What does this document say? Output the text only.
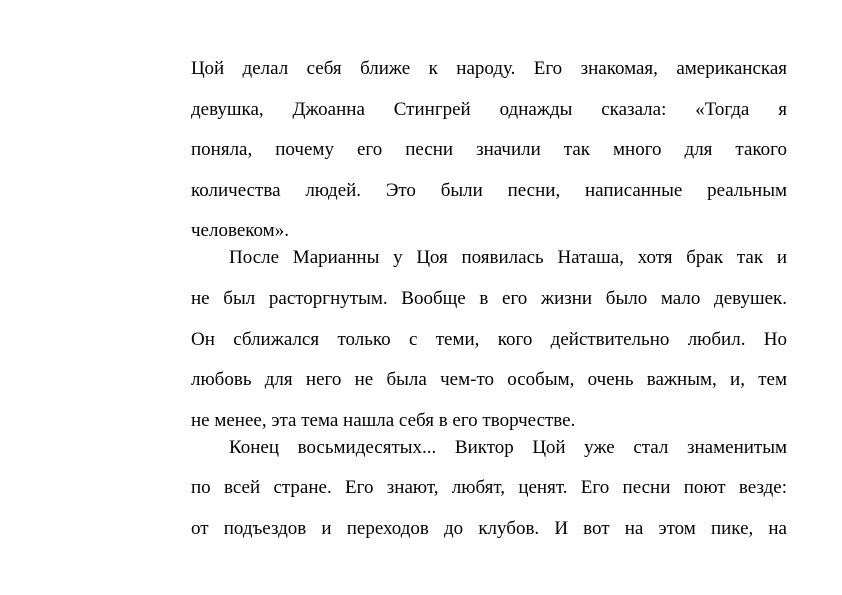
Цой делал себя ближе к народу. Его знакомая, американская
девушка, Джоанна Стингрей однажды сказала: «Тогда я
поняла, почему его песни значили так много для такого
количества людей. Это были песни, написанные реальным
человеком».
После Марианны у Цоя появилась Наташа, хотя брак так и
не был расторгнутым. Вообще в его жизни было мало девушек.
Он сближался только с теми, кого действительно любил. Но
любовь для него не была чем-то особым, очень важным, и, тем
не менее, эта тема нашла себя в его творчестве.
Конец восьмидесятых... Виктор Цой уже стал знаменитым
по всей стране. Его знают, любят, ценят. Его песни поют везде:
от подъездов и переходов до клубов. И вот на этом пике, на
